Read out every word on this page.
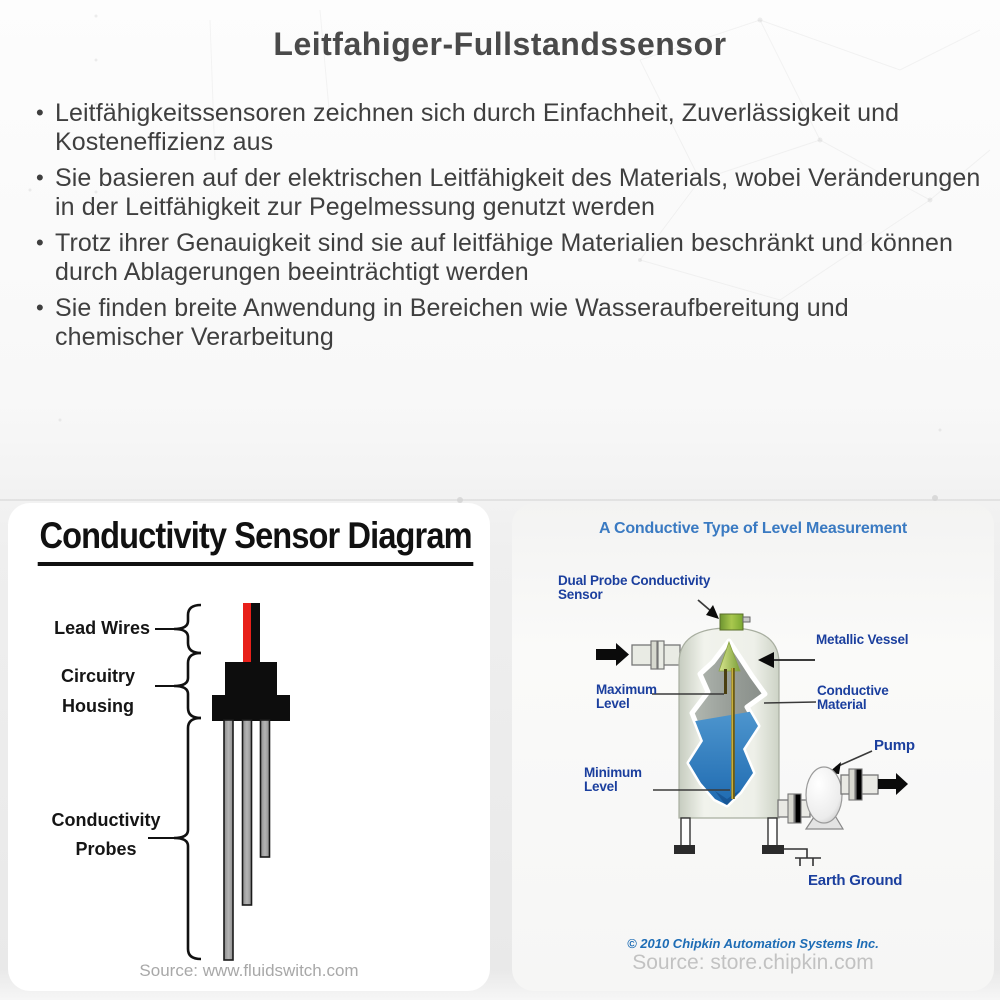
Leitfahiger-Fullstandssensor
• Leitfähigkeitssensoren zeichnen sich durch Einfachheit, Zuverlässigkeit und Kosteneffizienz aus
• Sie basieren auf der elektrischen Leitfähigkeit des Materials, wobei Veränderungen in der Leitfähigkeit zur Pegelmessung genutzt werden
• Trotz ihrer Genauigkeit sind sie auf leitfähige Materialien beschränkt und können durch Ablagerungen beeinträchtigt werden
• Sie finden breite Anwendung in Bereichen wie Wasseraufbereitung und chemischer Verarbeitung
Conductivity Sensor Diagram
Lead Wires
Circuitry
Housing
Conductivity
Probes
Source: www.fluidswitch.com
A Conductive Type of Level Measurement
Dual Probe Conductivity
Sensor
Metallic Vessel
Maximum
Level
Conductive
Material
Minimum
Level
Pump
Earth Ground
© 2010 Chipkin Automation Systems Inc.
Source: store.chipkin.com
